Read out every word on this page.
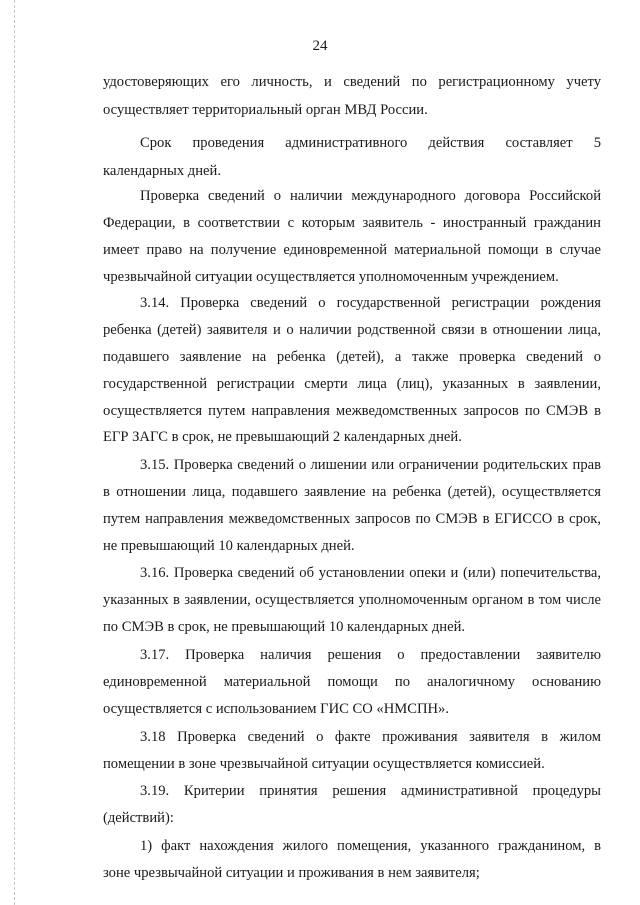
24
удостоверяющих его личность, и сведений по регистрационному учету
осуществляет территориальный орган МВД России.
Срок проведения административного действия составляет 5
календарных дней.
Проверка сведений о наличии международного договора Российской
Федерации, в соответствии с которым заявитель - иностранный гражданин
имеет право на получение единовременной материальной помощи в случае
чрезвычайной ситуации осуществляется уполномоченным учреждением.
3.14. Проверка сведений о государственной регистрации рождения
ребенка (детей) заявителя и о наличии родственной связи в отношении лица,
подавшего заявление на ребенка (детей), а также проверка сведений о
государственной регистрации смерти лица (лиц), указанных в заявлении,
осуществляется путем направления межведомственных запросов по СМЭВ в
ЕГР ЗАГС в срок, не превышающий 2 календарных дней.
3.15. Проверка сведений о лишении или ограничении родительских прав
в отношении лица, подавшего заявление на ребенка (детей), осуществляется
путем направления межведомственных запросов по СМЭВ в ЕГИССО в срок,
не превышающий 10 календарных дней.
3.16. Проверка сведений об установлении опеки и (или) попечительства,
указанных в заявлении, осуществляется уполномоченным органом в том числе
по СМЭВ в срок, не превышающий 10 календарных дней.
3.17. Проверка наличия решения о предоставлении заявителю
единовременной материальной помощи по аналогичному основанию
осуществляется с использованием ГИС СО «НМСПН».
3.18 Проверка сведений о факте проживания заявителя в жилом
помещении в зоне чрезвычайной ситуации осуществляется комиссией.
3.19. Критерии принятия решения административной процедуры
(действий):
1) факт нахождения жилого помещения, указанного гражданином, в
зоне чрезвычайной ситуации и проживания в нем заявителя;
